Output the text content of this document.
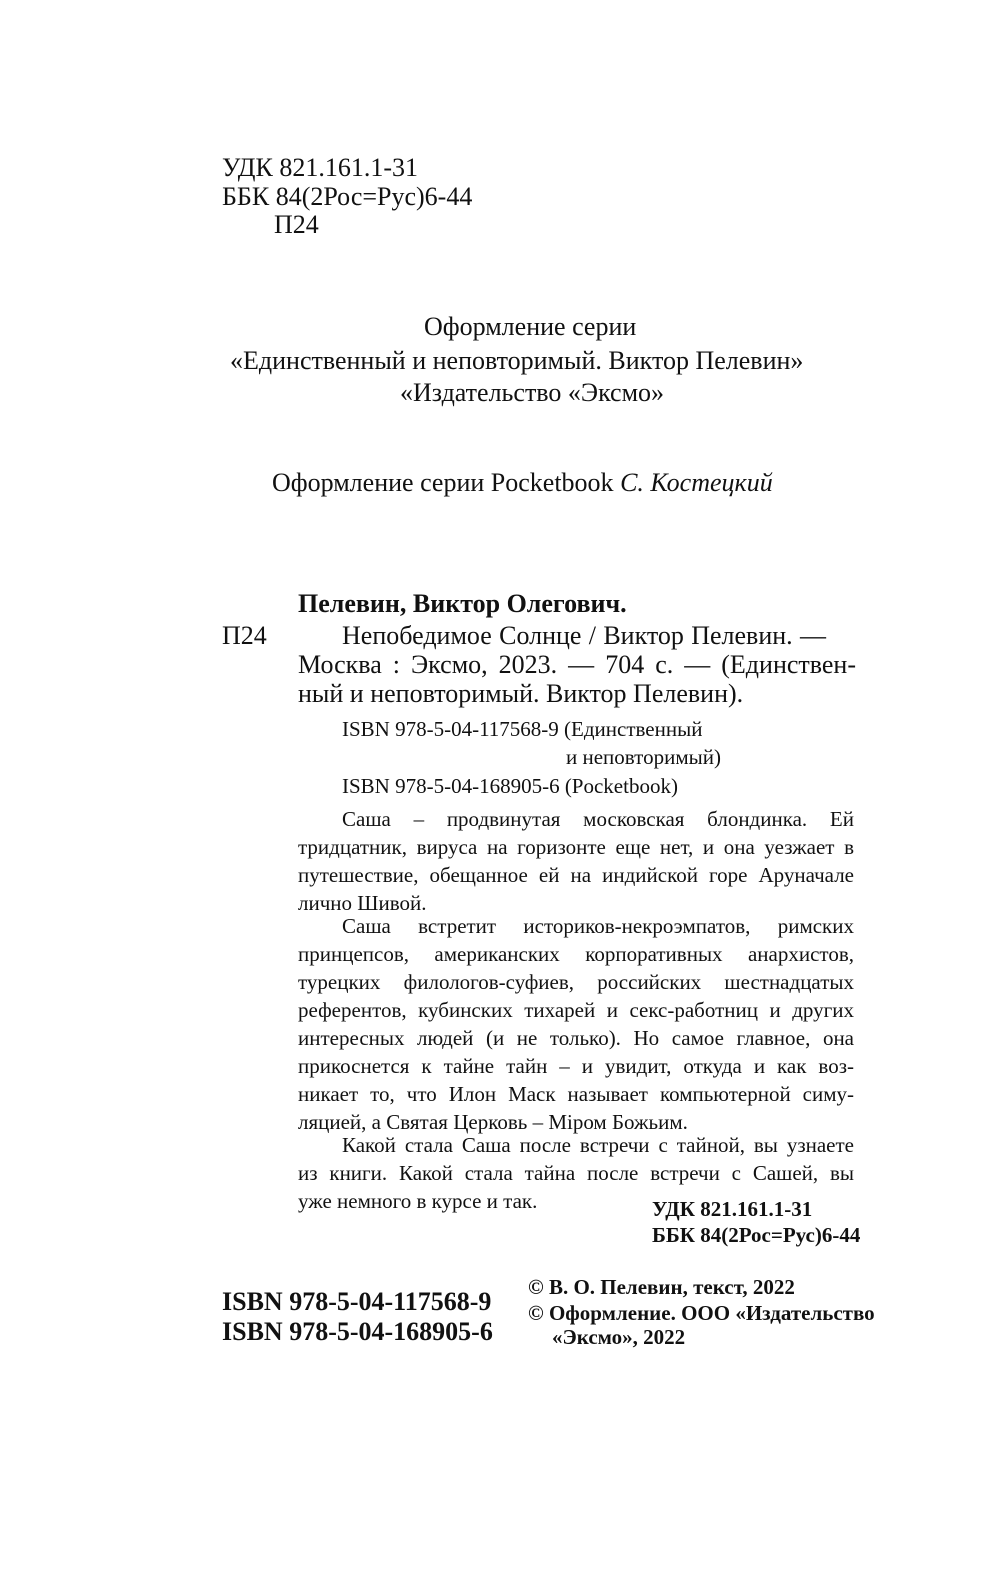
УДК 821.161.1-31
ББК 84(2Рос=Рус)6-44
П24
Оформление серии
«Единственный и неповторимый. Виктор Пелевин»
«Издательство «Эксмо»
Оформление серии Pocketbook С. Костецкий
Пелевин, Виктор Олегович.
П24	Непобедимое Солнце / Виктор Пелевин. —
Москва : Эксмо, 2023. — 704 с. — (Единствен-
ный и неповторимый. Виктор Пелевин).
ISBN 978-5-04-117568-9 (Единственный
и неповторимый)
ISBN 978-5-04-168905-6 (Pocketbook)
Саша – продвинутая московская блондинка. Ей
тридцатник, вируса на горизонте еще нет, и она уезжает в
путешествие, обещанное ей на индийской горе Аруначале
лично Шивой.
Саша встретит историков-некроэмпатов, римских
принцепсов, американских корпоративных анархистов,
турецких филологов-суфиев, российских шестнадцатых
референтов, кубинских тихарей и секс-работниц и других
интересных людей (и не только). Но самое главное, она
прикоснется к тайне тайн – и увидит, откуда и как воз-
никает то, что Илон Маск называет компьютерной симу-
ляцией, а Святая Церковь – Міром Божьим.
Какой стала Саша после встречи с тайной, вы узнаете
из книги. Какой стала тайна после встречи с Сашей, вы
уже немного в курсе и так.	УДК 821.161.1-31
ББК 84(2Рос=Рус)6-44
ISBN 978-5-04-117568-9
ISBN 978-5-04-168905-6
© В. О. Пелевин, текст, 2022
© Оформление. ООО «Издательство
«Эксмо», 2022
